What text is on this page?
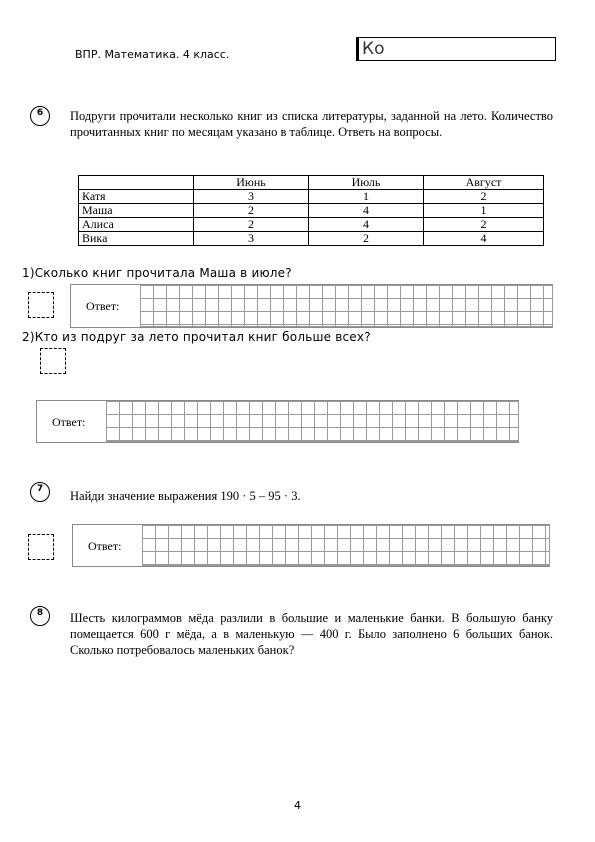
ВПР. Математика. 4 класс.	Ко
6	Подруги прочитали несколько книг из списка литературы, заданной на лето. Количество прочитанных книг по месяцам указано в таблице. Ответь на вопросы.
	Июнь	Июль	Август
Катя	3	1	2
Маша	2	4	1
Алиса	2	4	2
Вика	3	2	4
1)Сколько книг прочитала Маша в июле?
Ответ:
2)Кто из подруг за лето прочитал книг больше всех?
Ответ:
7	Найди значение выражения 190 · 5 – 95 · 3.
Ответ:
8	Шесть килограммов мёда разлили в большие и маленькие банки. В большую банку помещается 600 г мёда, а в маленькую — 400 г. Было заполнено 6 больших банок. Сколько потребовалось маленьких банок?
4
